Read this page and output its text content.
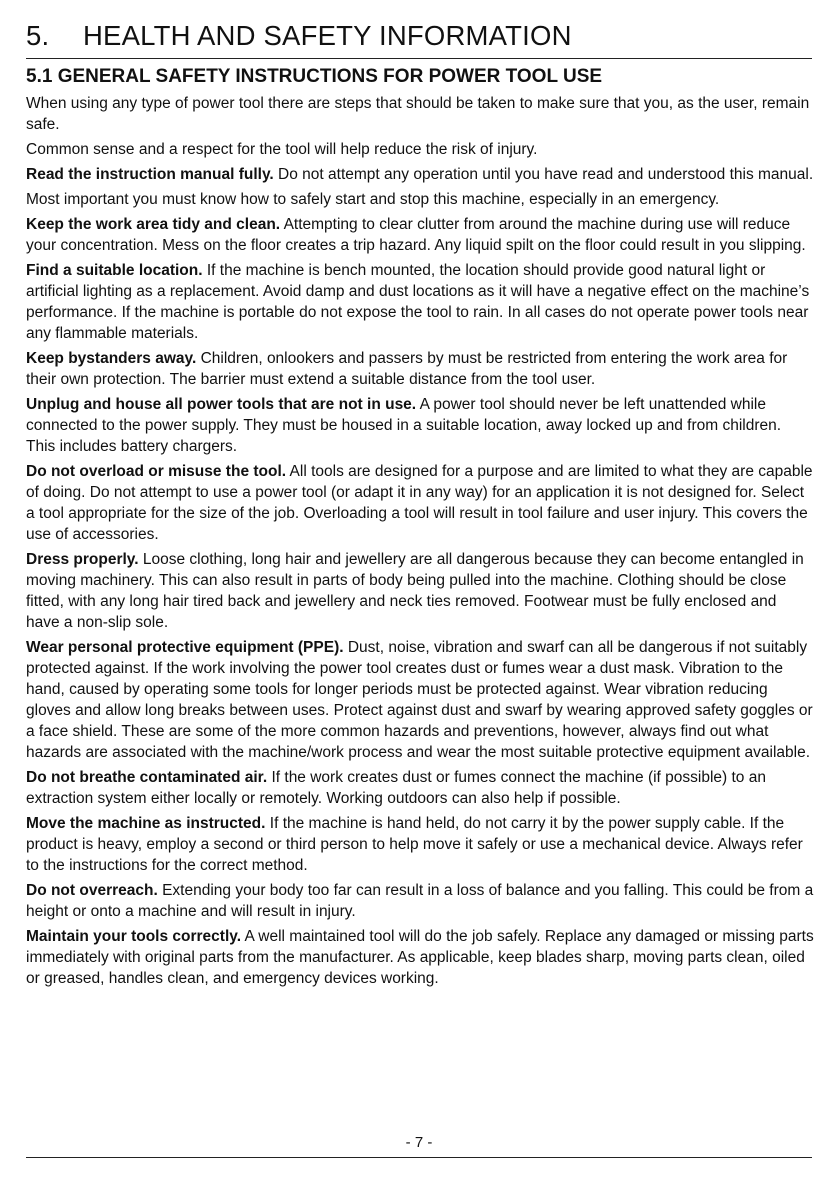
5. HEALTH AND SAFETY INFORMATION
5.1 GENERAL SAFETY INSTRUCTIONS FOR POWER TOOL USE

When using any type of power tool there are steps that should be taken to make sure that you, as the user, remain safe.

Common sense and a respect for the tool will help reduce the risk of injury.

Read the instruction manual fully. Do not attempt any operation until you have read and understood this manual.

Most important you must know how to safely start and stop this machine, especially in an emergency.

Keep the work area tidy and clean. Attempting to clear clutter from around the machine during use will reduce your concentration. Mess on the floor creates a trip hazard. Any liquid spilt on the floor could result in you slipping.

Find a suitable location. If the machine is bench mounted, the location should provide good natural light or artificial lighting as a replacement. Avoid damp and dust locations as it will have a negative effect on the machine’s performance. If the machine is portable do not expose the tool to rain. In all cases do not operate power tools near any flammable materials.

Keep bystanders away. Children, onlookers and passers by must be restricted from entering the work area for their own protection. The barrier must extend a suitable distance from the tool user.

Unplug and house all power tools that are not in use. A power tool should never be left unattended while connected to the power supply. They must be housed in a suitable location, away locked up and from children. This includes battery chargers.

Do not overload or misuse the tool. All tools are designed for a purpose and are limited to what they are capable of doing. Do not attempt to use a power tool (or adapt it in any way) for an application it is not designed for. Select a tool appropriate for the size of the job. Overloading a tool will result in tool failure and user injury. This covers the use of accessories.

Dress properly. Loose clothing, long hair and jewellery are all dangerous because they can become entangled in moving machinery. This can also result in parts of body being pulled into the machine. Clothing should be close fitted, with any long hair tired back and jewellery and neck ties removed. Footwear must be fully enclosed and have a non-slip sole.

Wear personal protective equipment (PPE). Dust, noise, vibration and swarf can all be dangerous if not suitably protected against. If the work involving the power tool creates dust or fumes wear a dust mask. Vibration to the hand, caused by operating some tools for longer periods must be protected against. Wear vibration reducing gloves and allow long breaks between uses. Protect against dust and swarf by wearing approved safety goggles or a face shield. These are some of the more common hazards and preventions, however, always find out what hazards are associated with the machine/work process and wear the most suitable protective equipment available.

Do not breathe contaminated air. If the work creates dust or fumes connect the machine (if possible) to an extraction system either locally or remotely. Working outdoors can also help if possible.

Move the machine as instructed. If the machine is hand held, do not carry it by the power supply cable. If the product is heavy, employ a second or third person to help move it safely or use a mechanical device. Always refer to the instructions for the correct method.

Do not overreach. Extending your body too far can result in a loss of balance and you falling. This could be from a height or onto a machine and will result in injury.

Maintain your tools correctly. A well maintained tool will do the job safely. Replace any damaged or missing parts immediately with original parts from the manufacturer. As applicable, keep blades sharp, moving parts clean, oiled or greased, handles clean, and emergency devices working.

- 7 -
